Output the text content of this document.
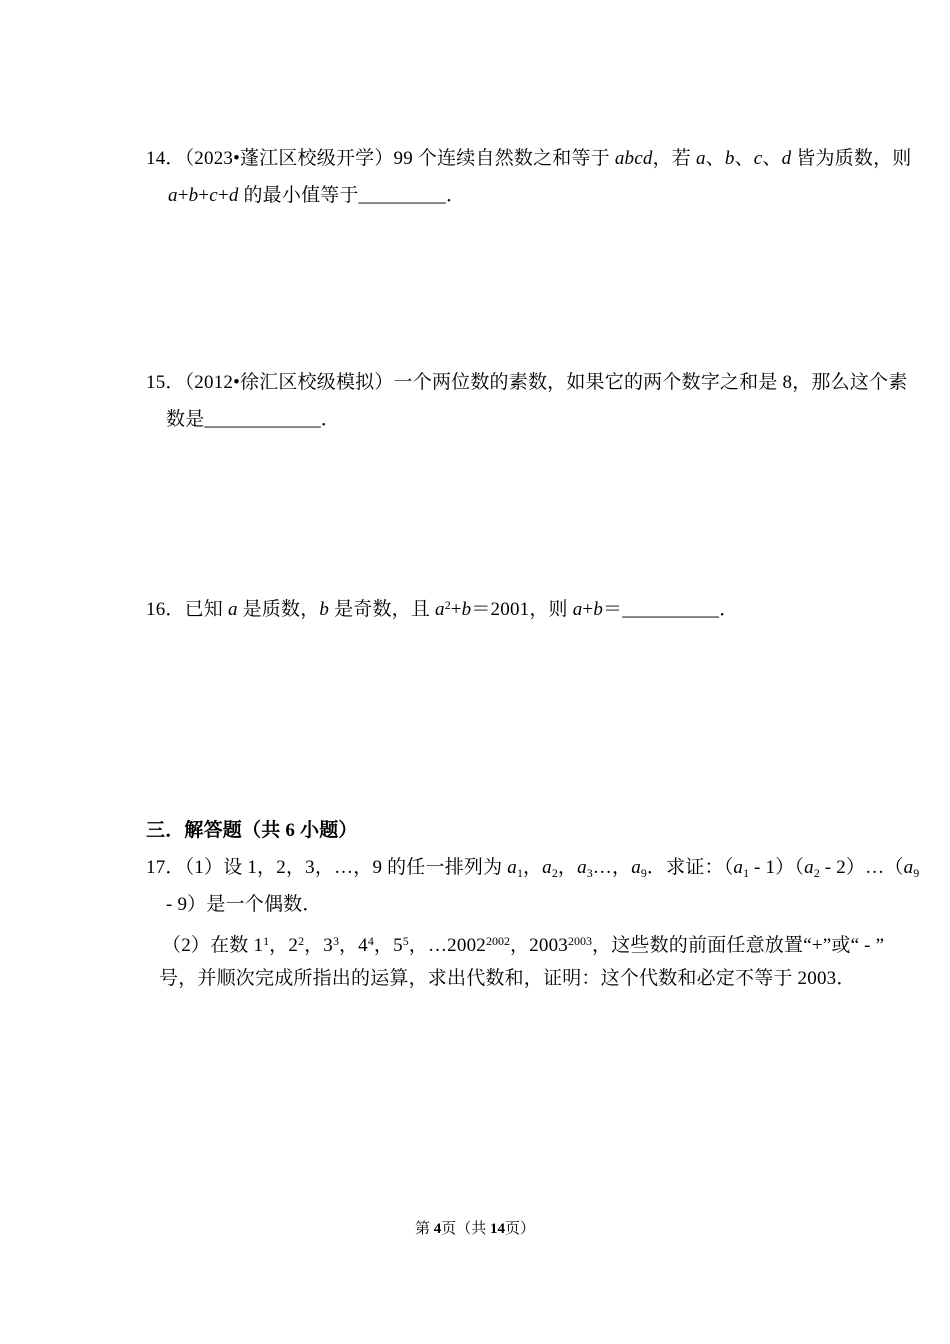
14．（2023•蓬江区校级开学）99 个连续自然数之和等于 abcd，若 a、b、c、d 皆为质数，则
a+b+c+d 的最小值等于_________．
15．（2012•徐汇区校级模拟）一个两位数的素数，如果它的两个数字之和是 8，那么这个素
数是____________．
16．已知 a 是质数，b 是奇数，且 $a^2+b=2001$，则 a+b＝__________．
三．解答题（共 6 小题）
17．（1）设 1，2，3，…，9 的任一排列为 $a_1$，$a_2$，$a_3\dots$，$a_9$．求证：$(a_1 - 1)(a_2$ - $2)\dots(a_9$
- 9）是一个偶数．
（2）在数 $1^1$，$2^2$，$3^3$，$4^4$，$5^5$，$\dots 2002^{2002}$，$2003^{2003}$，这些数的前面任意放置“+”或“ - ”
号，并顺次完成所指出的运算，求出代数和，证明：这个代数和必定不等于 2003．
第 4页（共 14页）
